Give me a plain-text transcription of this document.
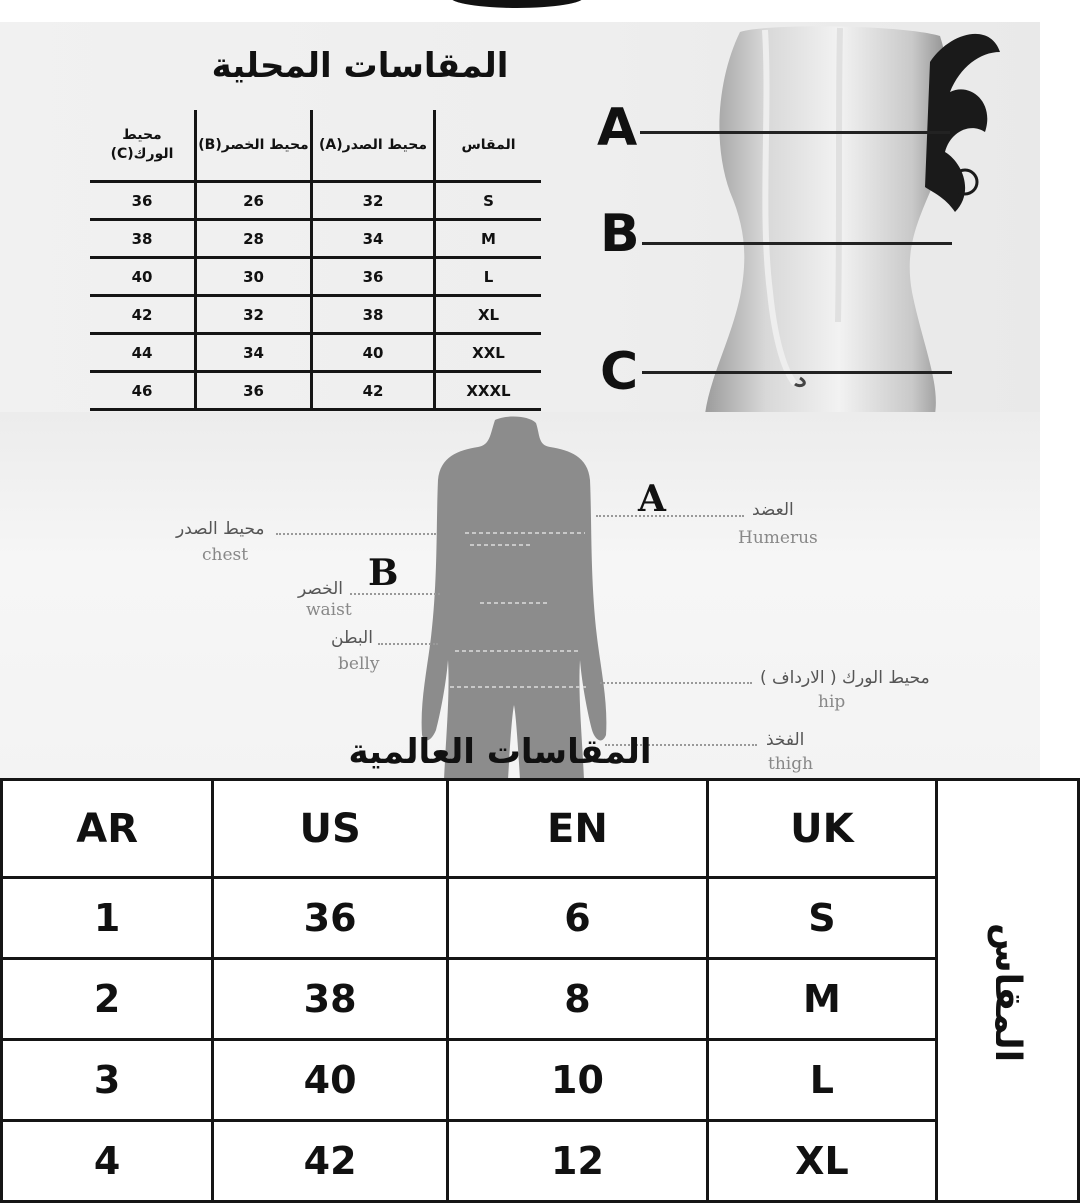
المقاسات المحلية
محيط الورك(C)	محيط الخصر(B)	محيط الصدر(A)	المقاس
36	26	32	S
38	28	34	M
40	30	36	L
42	32	38	XL
44	34	40	XXL
46	36	42	XXXL
A
B
C
A
B
محيط الصدر
chest
الخصر
waist
البطن
belly
العضد
Humerus
محيط الورك ( الارداف )
hip
الفخذ
thigh
المقاسات العالمية
AR	US	EN	UK	المقاس
1	36	6	S	
2	38	8	M	
3	40	10	L	
4	42	12	XL	
